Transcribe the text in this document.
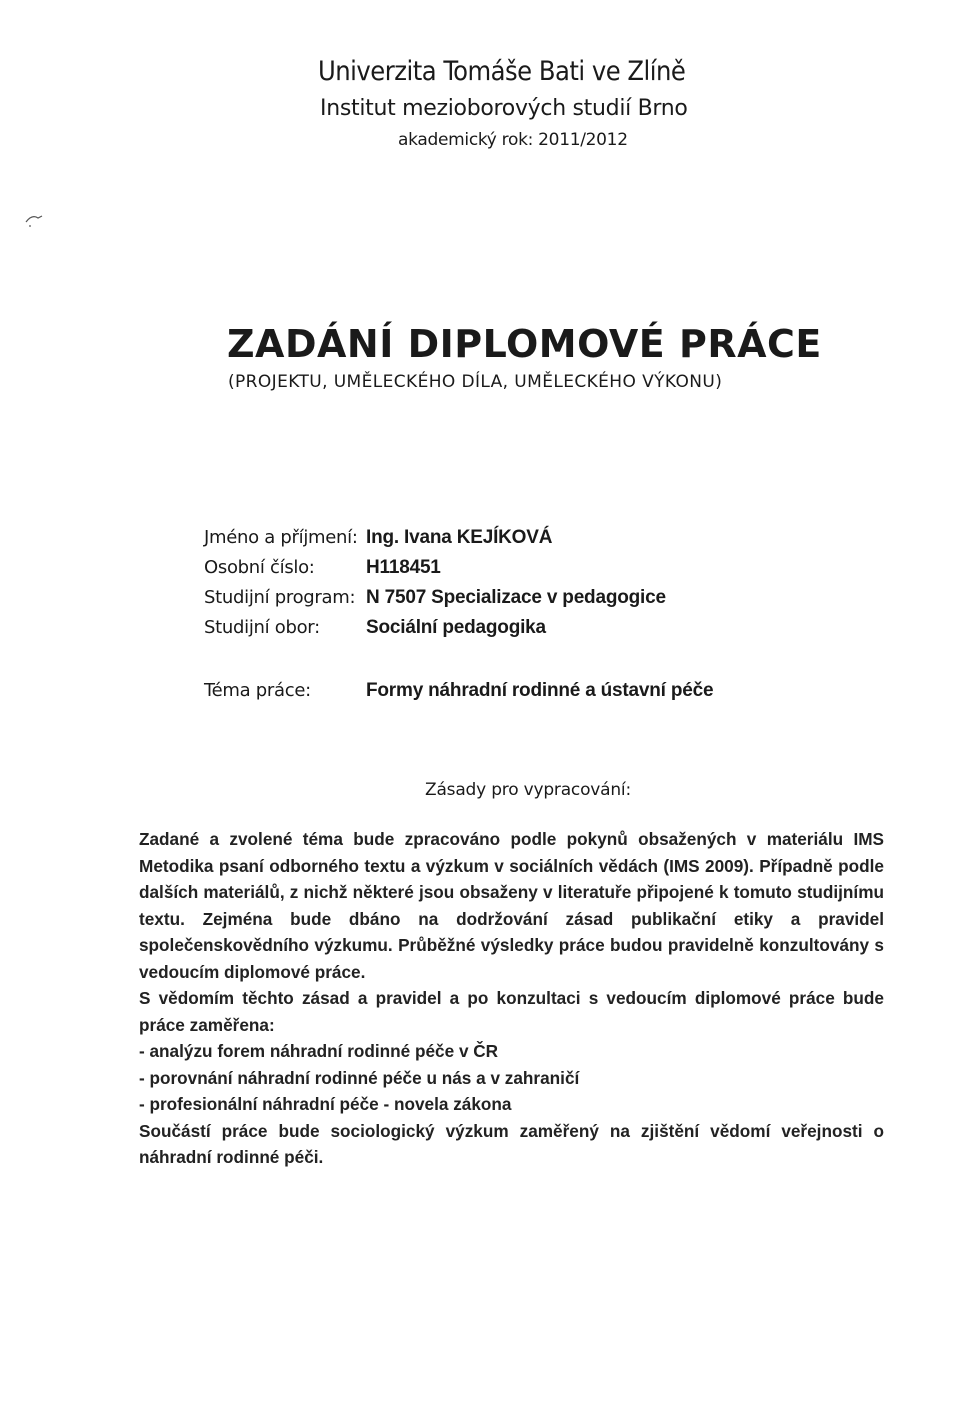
Univerzita Tomáše Bati ve Zlíně
Institut mezioborových studií Brno
akademický rok: 2011/2012
ZADÁNÍ DIPLOMOVÉ PRÁCE
(PROJEKTU, UMĚLECKÉHO DÍLA, UMĚLECKÉHO VÝKONU)
Jméno a příjmení: Ing. Ivana KEJÍKOVÁ
Osobní číslo:	H118451
Studijní program: N 7507 Specializace v pedagogice
Studijní obor: Sociální pedagogika
Téma práce:	Formy náhradní rodinné a ústavní péče
Zásady pro vypracování:

Zadané a zvolené téma bude zpracováno podle pokynů obsažených v materiálu IMS Metodika psaní odborného textu a výzkum v sociálních vědách (IMS 2009). Případně podle dalších materiálů, z nichž některé jsou obsaženy v literatuře připojené k tomuto studijnímu textu. Zejména bude dbáno na dodržování zásad publikační etiky a pravidel společenskovědního výzkumu. Průběžné výsledky práce budou pravidelně konzultovány s vedoucím diplomové práce.

S vědomím těchto zásad a pravidel a po konzultaci s vedoucím diplomové práce bude práce zaměřena:

- analýzu forem náhradní rodinné péče v ČR

- porovnání náhradní rodinné péče u nás a v zahraničí

- profesionální náhradní péče - novela zákona

Součástí práce bude sociologický výzkum zaměřený na zjištění vědomí veřejnosti o náhradní rodinné péči.
